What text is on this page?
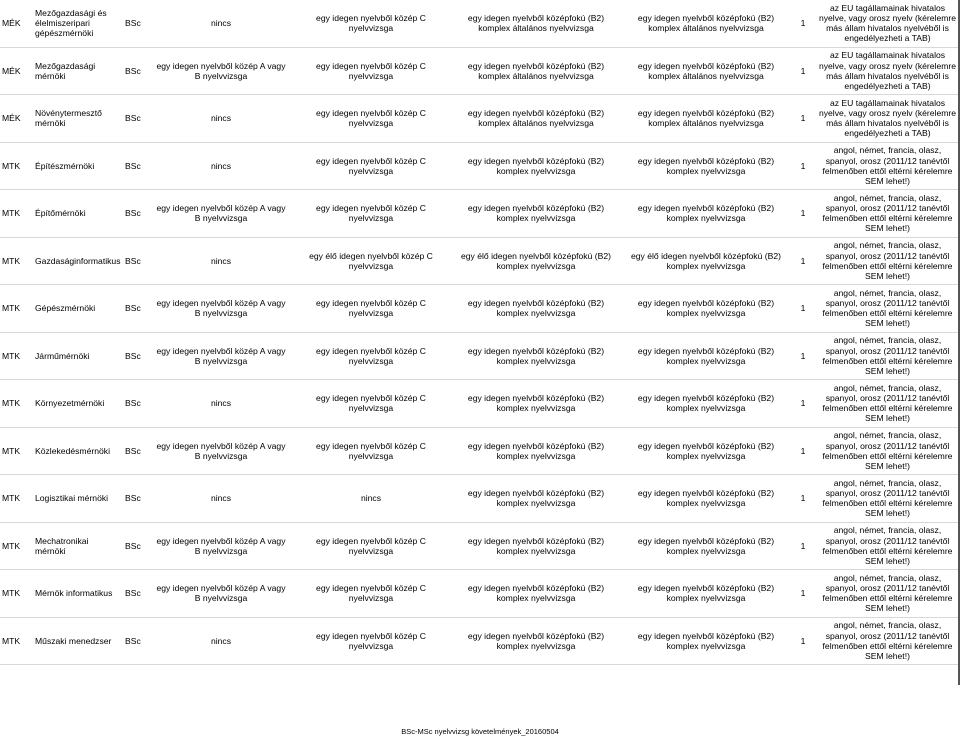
MÉK	Mezőgazdasági és élelmiszeripari gépészmérnöki	BSc	nincs	egy idegen nyelvből közép C nyelvvizsga	egy idegen nyelvből középfokú (B2) komplex általános nyelvvizsga	egy idegen nyelvből középfokú (B2) komplex általános nyelvvizsga	1	az EU tagállamainak hivatalos nyelve, vagy orosz nyelv (kérelemre más állam hivatalos nyelvéből is engedélyezheti a TAB)
MÉK	Mezőgazdasági mérnöki	BSc	egy idegen nyelvből közép A vagy B nyelvvizsga	egy idegen nyelvből közép C nyelvvizsga	egy idegen nyelvből középfokú (B2) komplex általános nyelvvizsga	egy idegen nyelvből középfokú (B2) komplex általános nyelvvizsga	1	az EU tagállamainak hivatalos nyelve, vagy orosz nyelv (kérelemre más állam hivatalos nyelvéből is engedélyezheti a TAB)
MÉK	Növénytermesztő mérnöki	BSc	nincs	egy idegen nyelvből közép C nyelvvizsga	egy idegen nyelvből középfokú (B2) komplex általános nyelvvizsga	egy idegen nyelvből középfokú (B2) komplex általános nyelvvizsga	1	az EU tagállamainak hivatalos nyelve, vagy orosz nyelv (kérelemre más állam hivatalos nyelvéből is engedélyezheti a TAB)
MTK	Építészmérnöki	BSc	nincs	egy idegen nyelvből közép C nyelvvizsga	egy idegen nyelvből középfokú (B2) komplex nyelvvizsga	egy idegen nyelvből középfokú (B2) komplex nyelvvizsga	1	angol, német, francia, olasz, spanyol, orosz (2011/12 tanévtől felmenőben ettől eltérni kérelemre SEM lehet!)
MTK	Építőmérnöki	BSc	egy idegen nyelvből közép A vagy B nyelvvizsga	egy idegen nyelvből közép C nyelvvizsga	egy idegen nyelvből középfokú (B2) komplex nyelvvizsga	egy idegen nyelvből középfokú (B2) komplex nyelvvizsga	1	angol, német, francia, olasz, spanyol, orosz (2011/12 tanévtől felmenőben ettől eltérni kérelemre SEM lehet!)
MTK	Gazdaságinformatikus	BSc	nincs	egy élő idegen nyelvből közép C nyelvvizsga	egy élő idegen nyelvből középfokú (B2) komplex nyelvvizsga	egy élő idegen nyelvből középfokú (B2) komplex nyelvvizsga	1	angol, német, francia, olasz, spanyol, orosz (2011/12 tanévtől felmenőben ettől eltérni kérelemre SEM lehet!)
MTK	Gépészmérnöki	BSc	egy idegen nyelvből közép A vagy B nyelvvizsga	egy idegen nyelvből közép C nyelvvizsga	egy idegen nyelvből középfokú (B2) komplex nyelvvizsga	egy idegen nyelvből középfokú (B2) komplex nyelvvizsga	1	angol, német, francia, olasz, spanyol, orosz (2011/12 tanévtől felmenőben ettől eltérni kérelemre SEM lehet!)
MTK	Járműmérnöki	BSc	egy idegen nyelvből közép A vagy B nyelvvizsga	egy idegen nyelvből közép C nyelvvizsga	egy idegen nyelvből középfokú (B2) komplex nyelvvizsga	egy idegen nyelvből középfokú (B2) komplex nyelvvizsga	1	angol, német, francia, olasz, spanyol, orosz (2011/12 tanévtől felmenőben ettől eltérni kérelemre SEM lehet!)
MTK	Környezetmérnöki	BSc	nincs	egy idegen nyelvből közép C nyelvvizsga	egy idegen nyelvből középfokú (B2) komplex nyelvvizsga	egy idegen nyelvből középfokú (B2) komplex nyelvvizsga	1	angol, német, francia, olasz, spanyol, orosz (2011/12 tanévtől felmenőben ettől eltérni kérelemre SEM lehet!)
MTK	Közlekedésmérnöki	BSc	egy idegen nyelvből közép A vagy B nyelvvizsga	egy idegen nyelvből közép C nyelvvizsga	egy idegen nyelvből középfokú (B2) komplex nyelvvizsga	egy idegen nyelvből középfokú (B2) komplex nyelvvizsga	1	angol, német, francia, olasz, spanyol, orosz (2011/12 tanévtől felmenőben ettől eltérni kérelemre SEM lehet!)
MTK	Logisztikai mérnöki	BSc	nincs	nincs	egy idegen nyelvből középfokú (B2) komplex nyelvvizsga	egy idegen nyelvből középfokú (B2) komplex nyelvvizsga	1	angol, német, francia, olasz, spanyol, orosz (2011/12 tanévtől felmenőben ettől eltérni kérelemre SEM lehet!)
MTK	Mechatronikai mérnöki	BSc	egy idegen nyelvből közép A vagy B nyelvvizsga	egy idegen nyelvből közép C nyelvvizsga	egy idegen nyelvből középfokú (B2) komplex nyelvvizsga	egy idegen nyelvből középfokú (B2) komplex nyelvvizsga	1	angol, német, francia, olasz, spanyol, orosz (2011/12 tanévtől felmenőben ettől eltérni kérelemre SEM lehet!)
MTK	Mérnök informatikus	BSc	egy idegen nyelvből közép A vagy B nyelvvizsga	egy idegen nyelvből közép C nyelvvizsga	egy idegen nyelvből középfokú (B2) komplex nyelvvizsga	egy idegen nyelvből középfokú (B2) komplex nyelvvizsga	1	angol, német, francia, olasz, spanyol, orosz (2011/12 tanévtől felmenőben ettől eltérni kérelemre SEM lehet!)
MTK	Műszaki menedzser	BSc	nincs	egy idegen nyelvből közép C nyelvvizsga	egy idegen nyelvből középfokú (B2) komplex nyelvvizsga	egy idegen nyelvből középfokú (B2) komplex nyelvvizsga	1	angol, német, francia, olasz, spanyol, orosz (2011/12 tanévtől felmenőben ettől eltérni kérelemre SEM lehet!)
BSc-MSc nyelvvizsg követelmények_20160504
